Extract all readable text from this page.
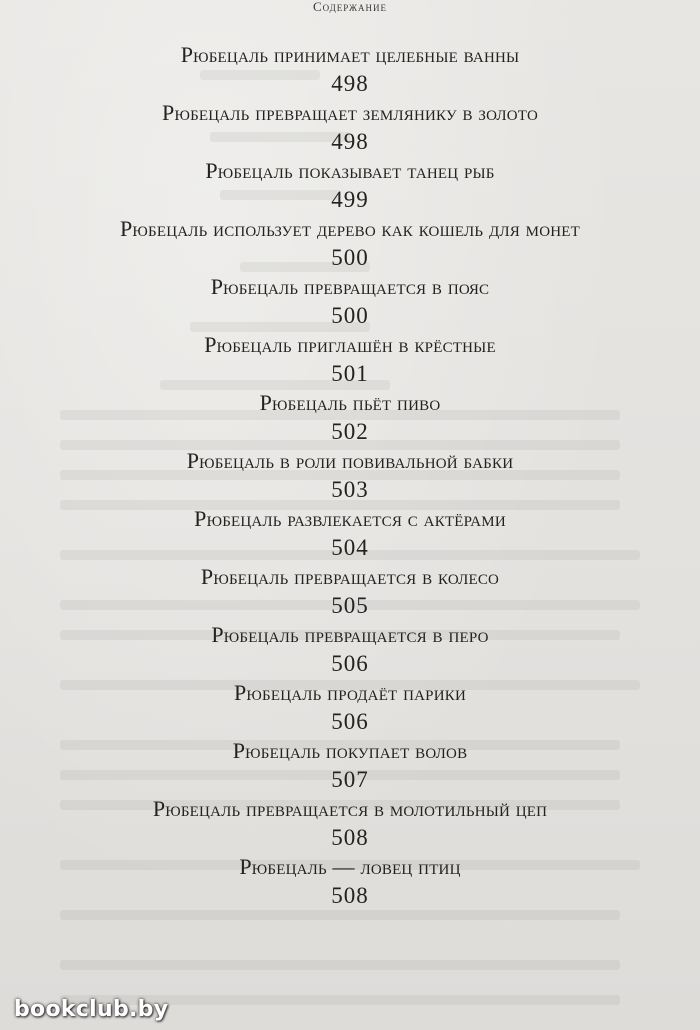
Содержание
Рюбецаль принимает целебные ванны
498
Рюбецаль превращает землянику в золото
498
Рюбецаль показывает танец рыб
499
Рюбецаль использует дерево как кошель для монет
500
Рюбецаль превращается в пояс
500
Рюбецаль приглашён в крёстные
501
Рюбецаль пьёт пиво
502
Рюбецаль в роли повивальной бабки
503
Рюбецаль развлекается с актёрами
504
Рюбецаль превращается в колесо
505
Рюбецаль превращается в перо
506
Рюбецаль продаёт парики
506
Рюбецаль покупает волов
507
Рюбецаль превращается в молотильный цеп
508
Рюбецаль — ловец птиц
508
bookclub.by
